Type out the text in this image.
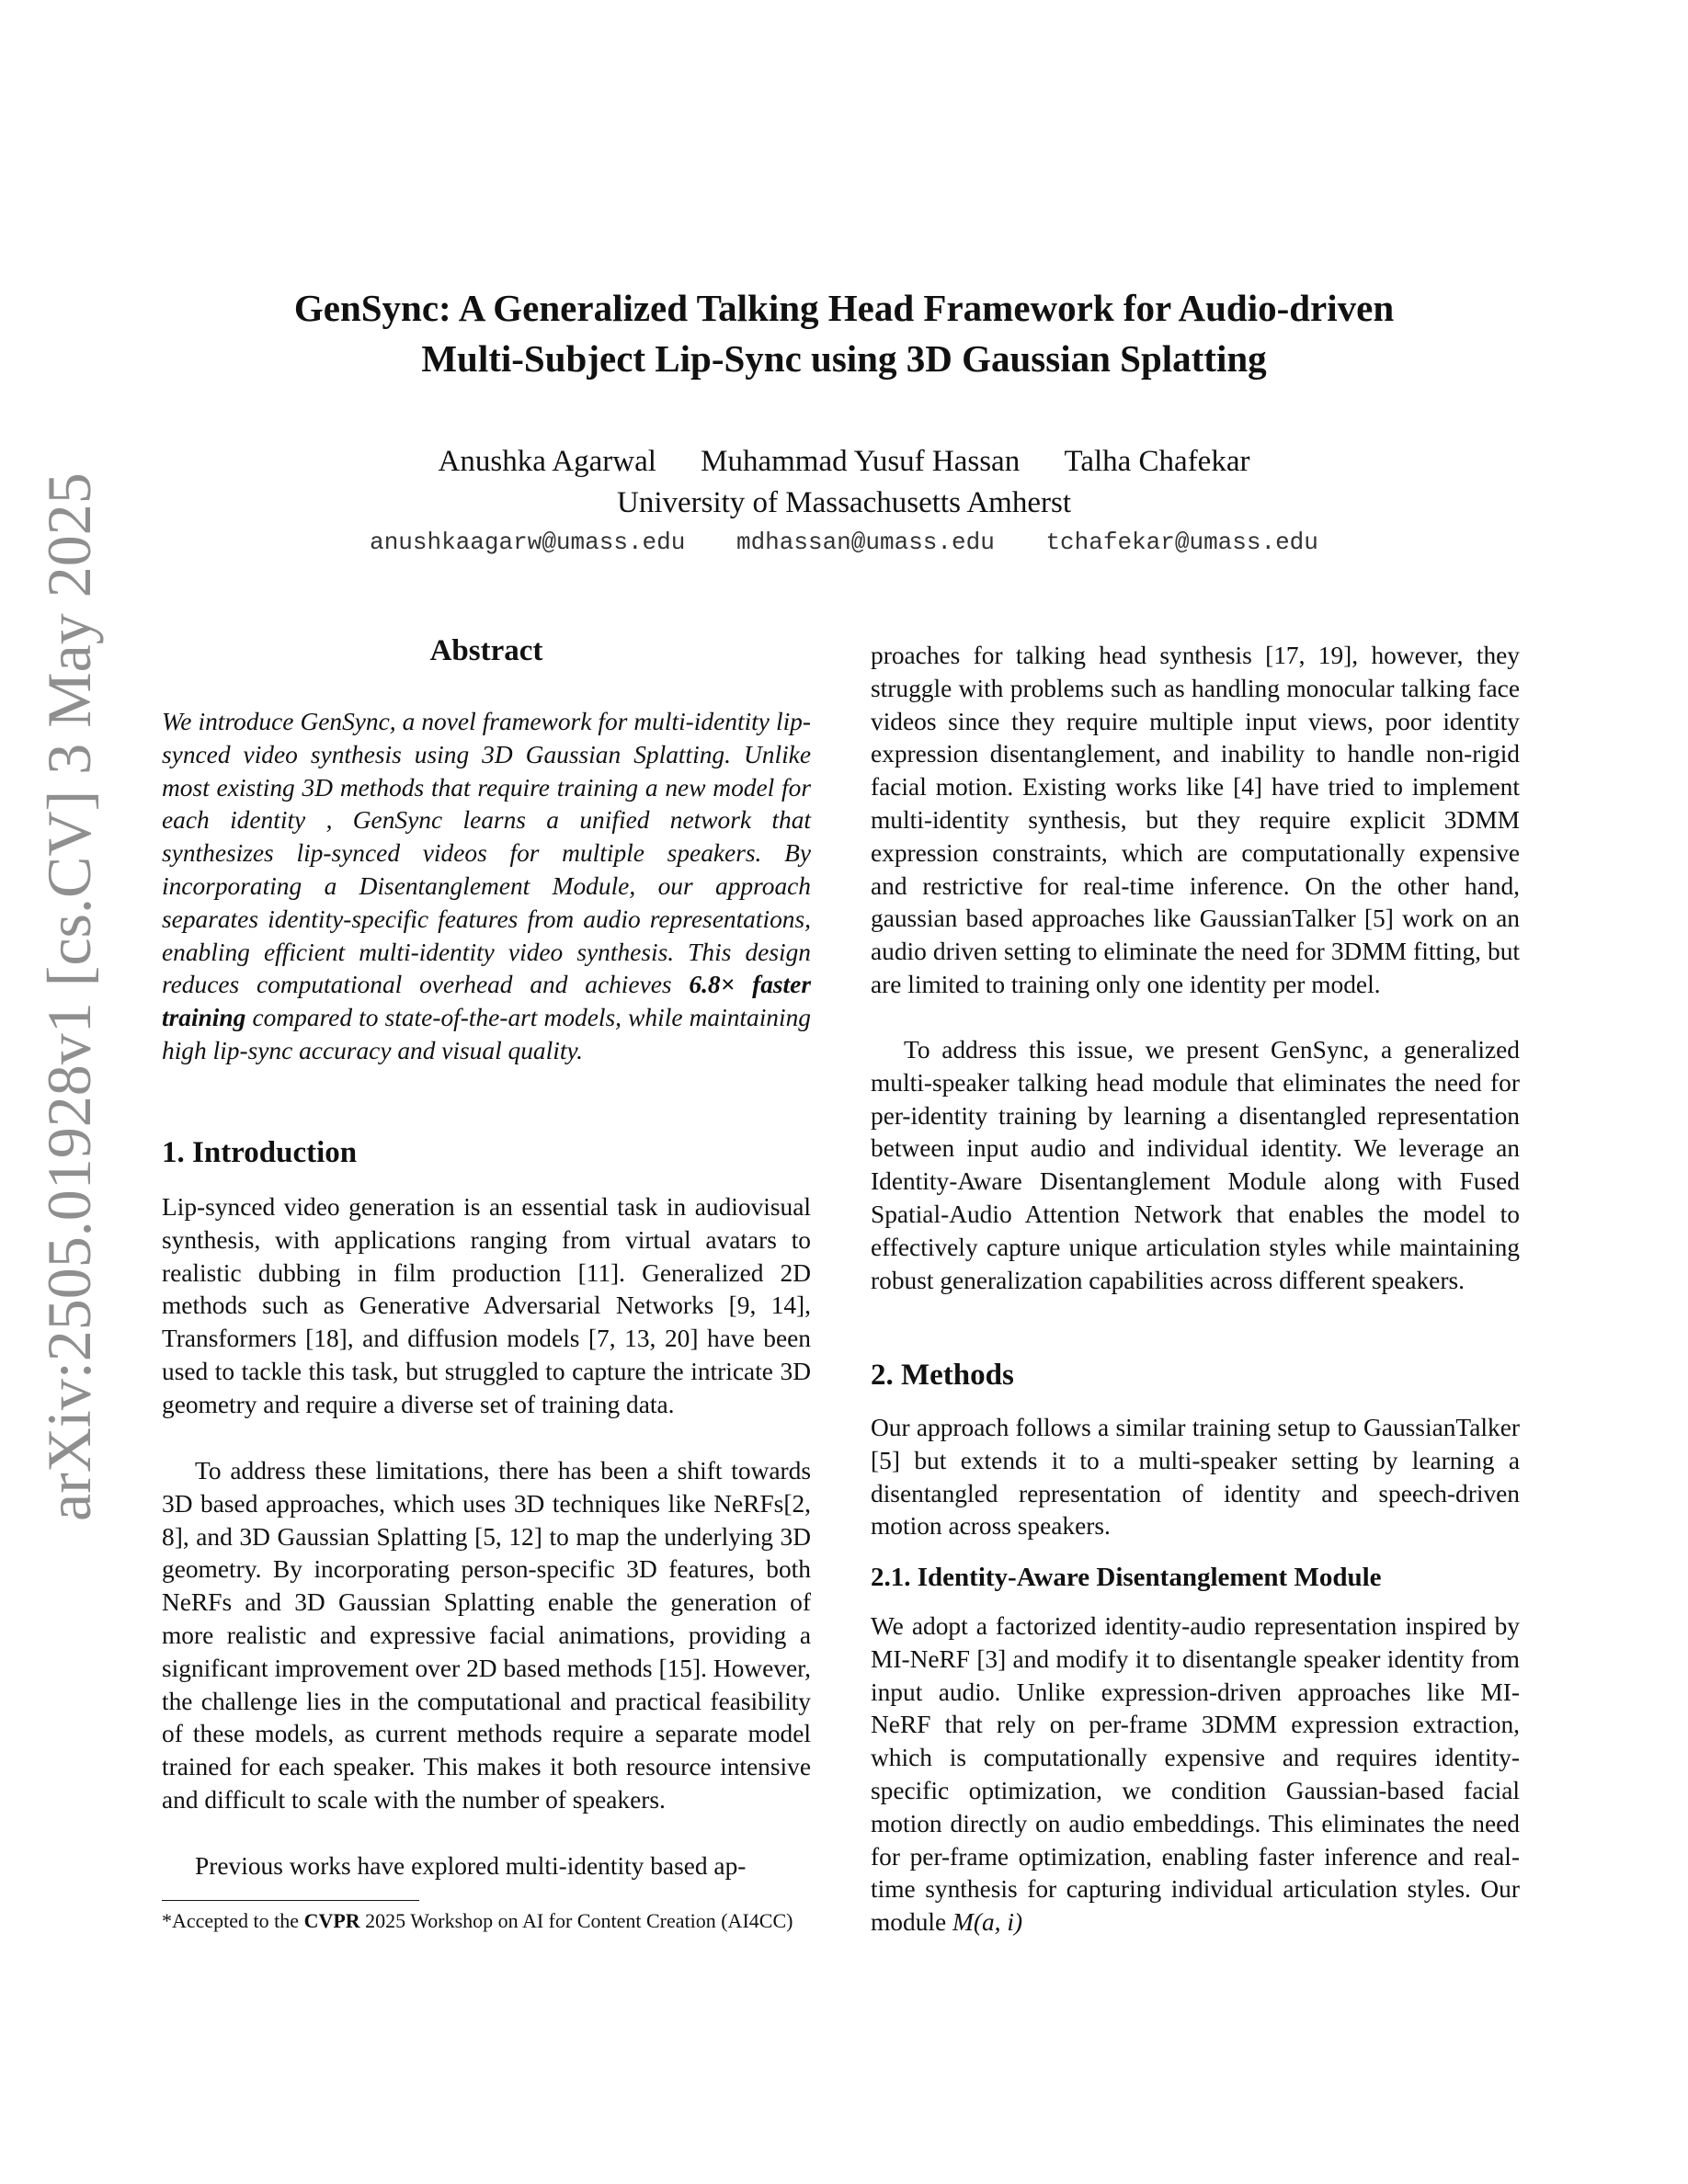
arXiv:2505.01928v1 [cs.CV] 3 May 2025
GenSync: A Generalized Talking Head Framework for Audio-driven
Multi-Subject Lip-Sync using 3D Gaussian Splatting
Anushka Agarwal Muhammad Yusuf Hassan Talha Chafekar
University of Massachusetts Amherst
anushkaagarw@umass.edu mdhassan@umass.edu tchafekar@umass.edu
Abstract
We introduce GenSync, a novel framework for multi-identity lip-synced video synthesis using 3D Gaussian Splatting. Unlike most existing 3D methods that require training a new model for each identity , GenSync learns a unified network that synthesizes lip-synced videos for multiple speakers. By incorporating a Disentanglement Module, our approach separates identity-specific features from audio representations, enabling efficient multi-identity video synthesis. This design reduces computational overhead and achieves 6.8× faster training compared to state-of-the-art models, while maintaining high lip-sync accuracy and visual quality.
1. Introduction

Lip-synced video generation is an essential task in audiovisual synthesis, with applications ranging from virtual avatars to realistic dubbing in film production [11]. Generalized 2D methods such as Generative Adversarial Networks [9, 14], Transformers [18], and diffusion models [7, 13, 20] have been used to tackle this task, but struggled to capture the intricate 3D geometry and require a diverse set of training data.

To address these limitations, there has been a shift towards 3D based approaches, which uses 3D techniques like NeRFs[2, 8], and 3D Gaussian Splatting [5, 12] to map the underlying 3D geometry. By incorporating person-specific 3D features, both NeRFs and 3D Gaussian Splatting enable the generation of more realistic and expressive facial animations, providing a significant improvement over 2D based methods [15]. However, the challenge lies in the computational and practical feasibility of these models, as current methods require a separate model trained for each speaker. This makes it both resource intensive and difficult to scale with the number of speakers.

Previous works have explored multi-identity based ap-

*Accepted to the CVPR 2025 Workshop on AI for Content Creation (AI4CC)

proaches for talking head synthesis [17, 19], however, they struggle with problems such as handling monocular talking face videos since they require multiple input views, poor identity expression disentanglement, and inability to handle non-rigid facial motion. Existing works like [4] have tried to implement multi-identity synthesis, but they require explicit 3DMM expression constraints, which are computationally expensive and restrictive for real-time inference. On the other hand, gaussian based approaches like GaussianTalker [5] work on an audio driven setting to eliminate the need for 3DMM fitting, but are limited to training only one identity per model.

To address this issue, we present GenSync, a generalized multi-speaker talking head module that eliminates the need for per-identity training by learning a disentangled representation between input audio and individual identity. We leverage an Identity-Aware Disentanglement Module along with Fused Spatial-Audio Attention Network that enables the model to effectively capture unique articulation styles while maintaining robust generalization capabilities across different speakers.

2. Methods

Our approach follows a similar training setup to GaussianTalker [5] but extends it to a multi-speaker setting by learning a disentangled representation of identity and speech-driven motion across speakers.

2.1. Identity-Aware Disentanglement Module

We adopt a factorized identity-audio representation inspired by MI-NeRF [3] and modify it to disentangle speaker identity from input audio. Unlike expression-driven approaches like MI-NeRF that rely on per-frame 3DMM expression extraction, which is computationally expensive and requires identity-specific optimization, we condition Gaussian-based facial motion directly on audio embeddings. This eliminates the need for per-frame optimization, enabling faster inference and real-time synthesis for capturing individual articulation styles. Our module M(a, i)
